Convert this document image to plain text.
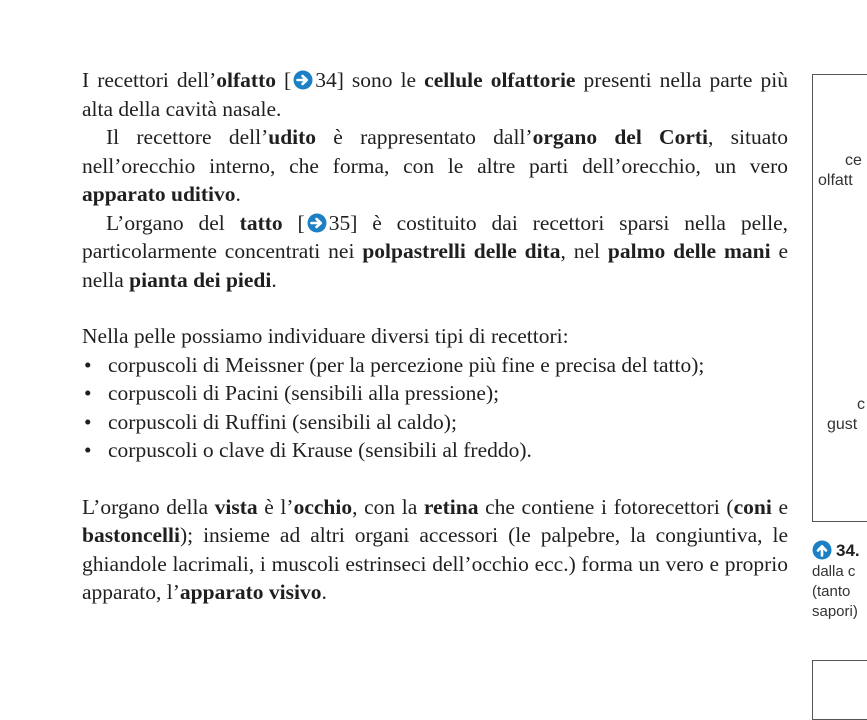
I recettori dell’olfatto [ 34] sono le cellule olfattorie presenti nella parte più alta della cavità nasale.

Il recettore dell’udito è rappresentato dall’organo del Corti, situato nell’orecchio interno, che forma, con le altre parti dell’orecchio, un vero apparato uditivo.

L’organo del tatto [ 35] è costituito dai recettori sparsi nella pelle, particolarmente concentrati nei polpastrelli delle dita, nel palmo delle mani e nella pianta dei piedi.

Nella pelle possiamo individuare diversi tipi di recettori:

• corpuscoli di Meissner (per la percezione più fine e precisa del tatto);
• corpuscoli di Pacini (sensibili alla pressione);
• corpuscoli di Ruffini (sensibili al caldo);
• corpuscoli o clave di Krause (sensibili al freddo).

L’organo della vista è l’occhio, con la retina che contiene i fotorecettori (coni e bastoncelli); insieme ad altri organi accessori (le palpebre, la congiuntiva, le ghiandole lacrimali, i muscoli estrinseci dell’occhio ecc.) forma un vero e proprio apparato, l’apparato visivo.

ce
olfatt
c
gust
34.
dalla c
(tanto
sapori)
